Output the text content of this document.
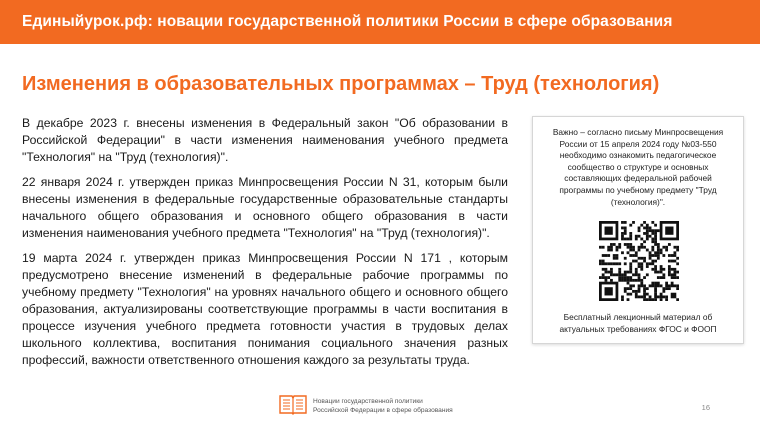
Единыйурок.рф: новации государственной политики России в сфере образования
Изменения в образовательных программах – Труд (технология)

В декабре 2023 г. внесены изменения в Федеральный закон "Об образовании в Российской Федерации" в части изменения наименования учебного предмета "Технология" на "Труд (технология)".

22 января 2024 г. утвержден приказ Минпросвещения России N 31, которым были внесены изменения в федеральные государственные образовательные стандарты начального общего образования и основного общего образования в части изменения наименования учебного предмета "Технология" на "Труд (технология)".

19 марта 2024 г. утвержден приказ Минпросвещения России N 171 , которым предусмотрено внесение изменений в федеральные рабочие программы по учебному предмету "Технология" на уровнях начального общего и основного общего образования, актуализированы соответствующие программы в части воспитания в процессе изучения учебного предмета готовности участия в трудовых делах школьного коллектива, воспитания понимания социального значения разных профессий, важности ответственного отношения каждого за результаты труда.

Важно – согласно письму Минпросвещения России от 15 апреля 2024 году №03-550 необходимо ознакомить педагогическое сообщество о структуре и основных составляющих федеральной рабочей программы по учебному предмету "Труд (технология)".
Бесплатный лекционный материал об актуальных требованиях ФГОС и ФООП
Новации государственной политики
Российской Федерации в сфере образования	16
